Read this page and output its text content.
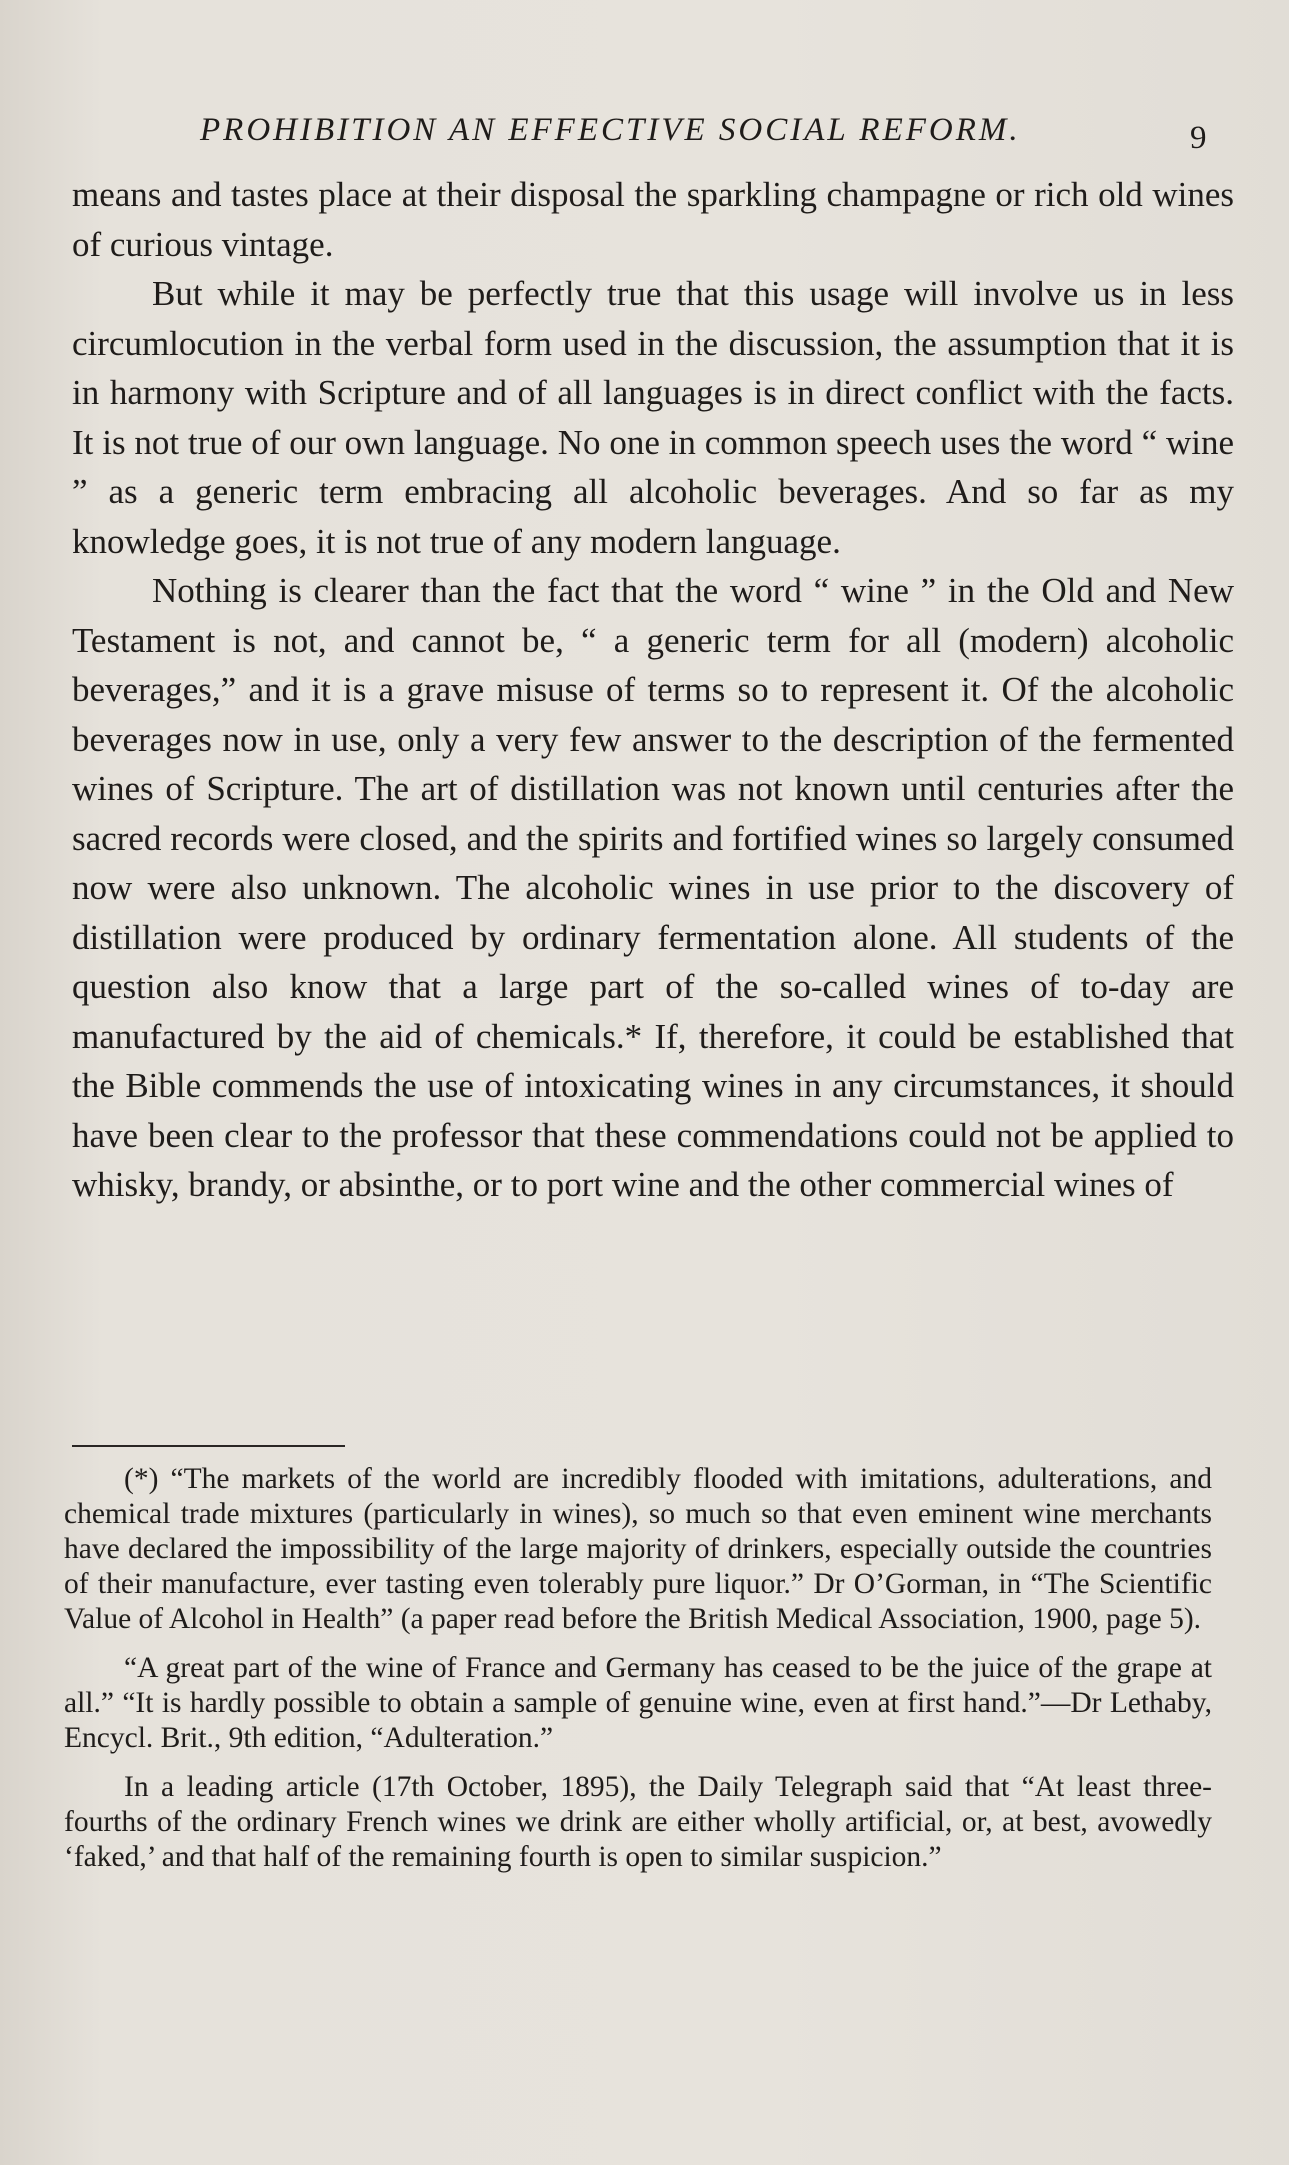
PROHIBITION AN EFFECTIVE SOCIAL REFORM.	9

means and tastes place at their disposal the sparkling champagne or rich old wines of curious vintage.

But while it may be perfectly true that this usage will involve us in less circumlocution in the verbal form used in the discussion, the assumption that it is in harmony with Scripture and of all languages is in direct conflict with the facts. It is not true of our own language. No one in common speech uses the word “ wine ” as a generic term embracing all alcoholic beverages. And so far as my knowledge goes, it is not true of any modern language.

Nothing is clearer than the fact that the word “ wine ” in the Old and New Testament is not, and cannot be, “ a generic term for all (modern) alcoholic beverages,” and it is a grave misuse of terms so to represent it. Of the alcoholic beverages now in use, only a very few answer to the description of the fermented wines of Scripture. The art of distillation was not known until centuries after the sacred records were closed, and the spirits and fortified wines so largely consumed now were also unknown. The alcoholic wines in use prior to the discovery of distillation were produced by ordinary fermentation alone. All students of the question also know that a large part of the so-called wines of to-day are manufactured by the aid of chemicals.* If, therefore, it could be established that the Bible commends the use of intoxicating wines in any circumstances, it should have been clear to the professor that these commendations could not be applied to whisky, brandy, or absinthe, or to port wine and the other commercial wines of

(*) “The markets of the world are incredibly flooded with imitations, adulterations, and chemical trade mixtures (particularly in wines), so much so that even eminent wine merchants have declared the impossibility of the large majority of drinkers, especially outside the countries of their manufacture, ever tasting even tolerably pure liquor.” Dr O’Gorman, in “The Scientific Value of Alcohol in Health” (a paper read before the British Medical Association, 1900, page 5).

“A great part of the wine of France and Germany has ceased to be the juice of the grape at all.” “It is hardly possible to obtain a sample of genuine wine, even at first hand.”—Dr Lethaby, Encycl. Brit., 9th edition, “Adulteration.”

In a leading article (17th October, 1895), the Daily Telegraph said that “At least three-fourths of the ordinary French wines we drink are either wholly artificial, or, at best, avowedly ‘faked,’ and that half of the remaining fourth is open to similar suspicion.”
